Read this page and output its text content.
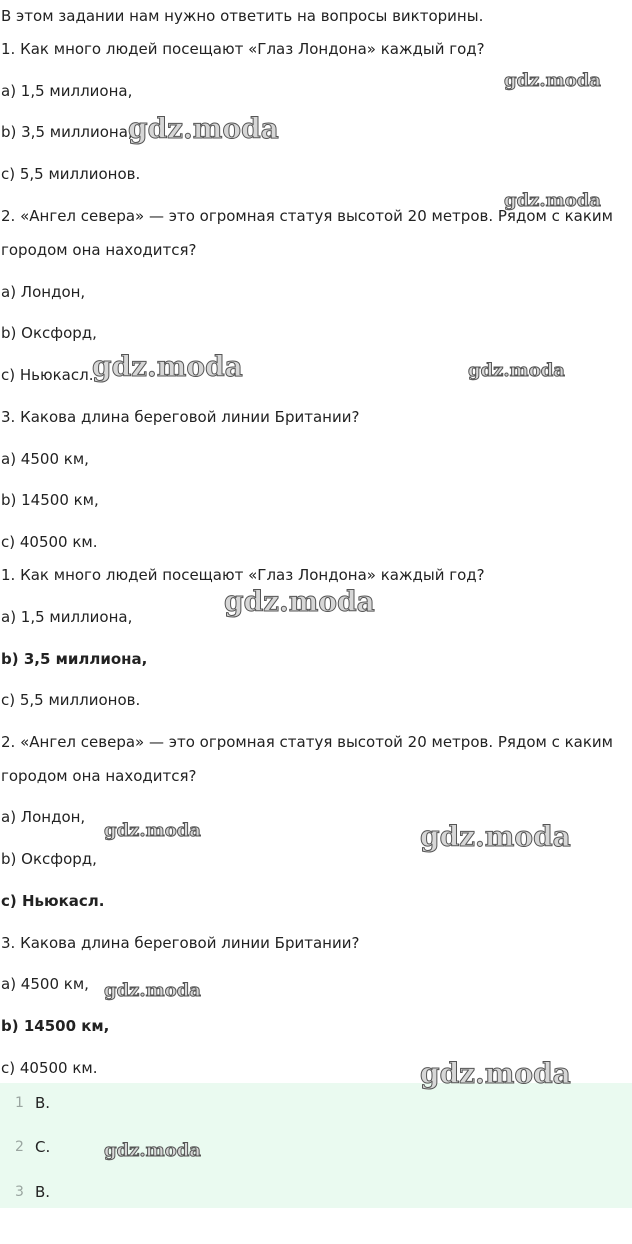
В этом задании нам нужно ответить на вопросы викторины.
1. Как много людей посещают «Глаз Лондона» каждый год?
а) 1,5 миллиона,
b) 3,5 миллиона,
с) 5,5 миллионов.
2. «Ангел севера» — это огромная статуя высотой 20 метров. Рядом с каким
городом она находится?
а) Лондон,
b) Оксфорд,
с) Ньюкасл.
3. Какова длина береговой линии Британии?
а) 4500 км,
b) 14500 км,
с) 40500 км.
1. Как много людей посещают «Глаз Лондона» каждый год?
а) 1,5 миллиона,
b) 3,5 миллиона,
с) 5,5 миллионов.
2. «Ангел севера» — это огромная статуя высотой 20 метров. Рядом с каким
городом она находится?
а) Лондон,
b) Оксфорд,
с) Ньюкасл.
3. Какова длина береговой линии Британии?
а) 4500 км,
b) 14500 км,
с) 40500 км.
1 B.
2 C.
3 B.
gdz.moda
gdz.moda
gdz.moda
gdz.moda	gdz.moda
gdz.moda
gdz.moda	gdz.moda
gdz.moda
gdz.moda
gdz.moda
